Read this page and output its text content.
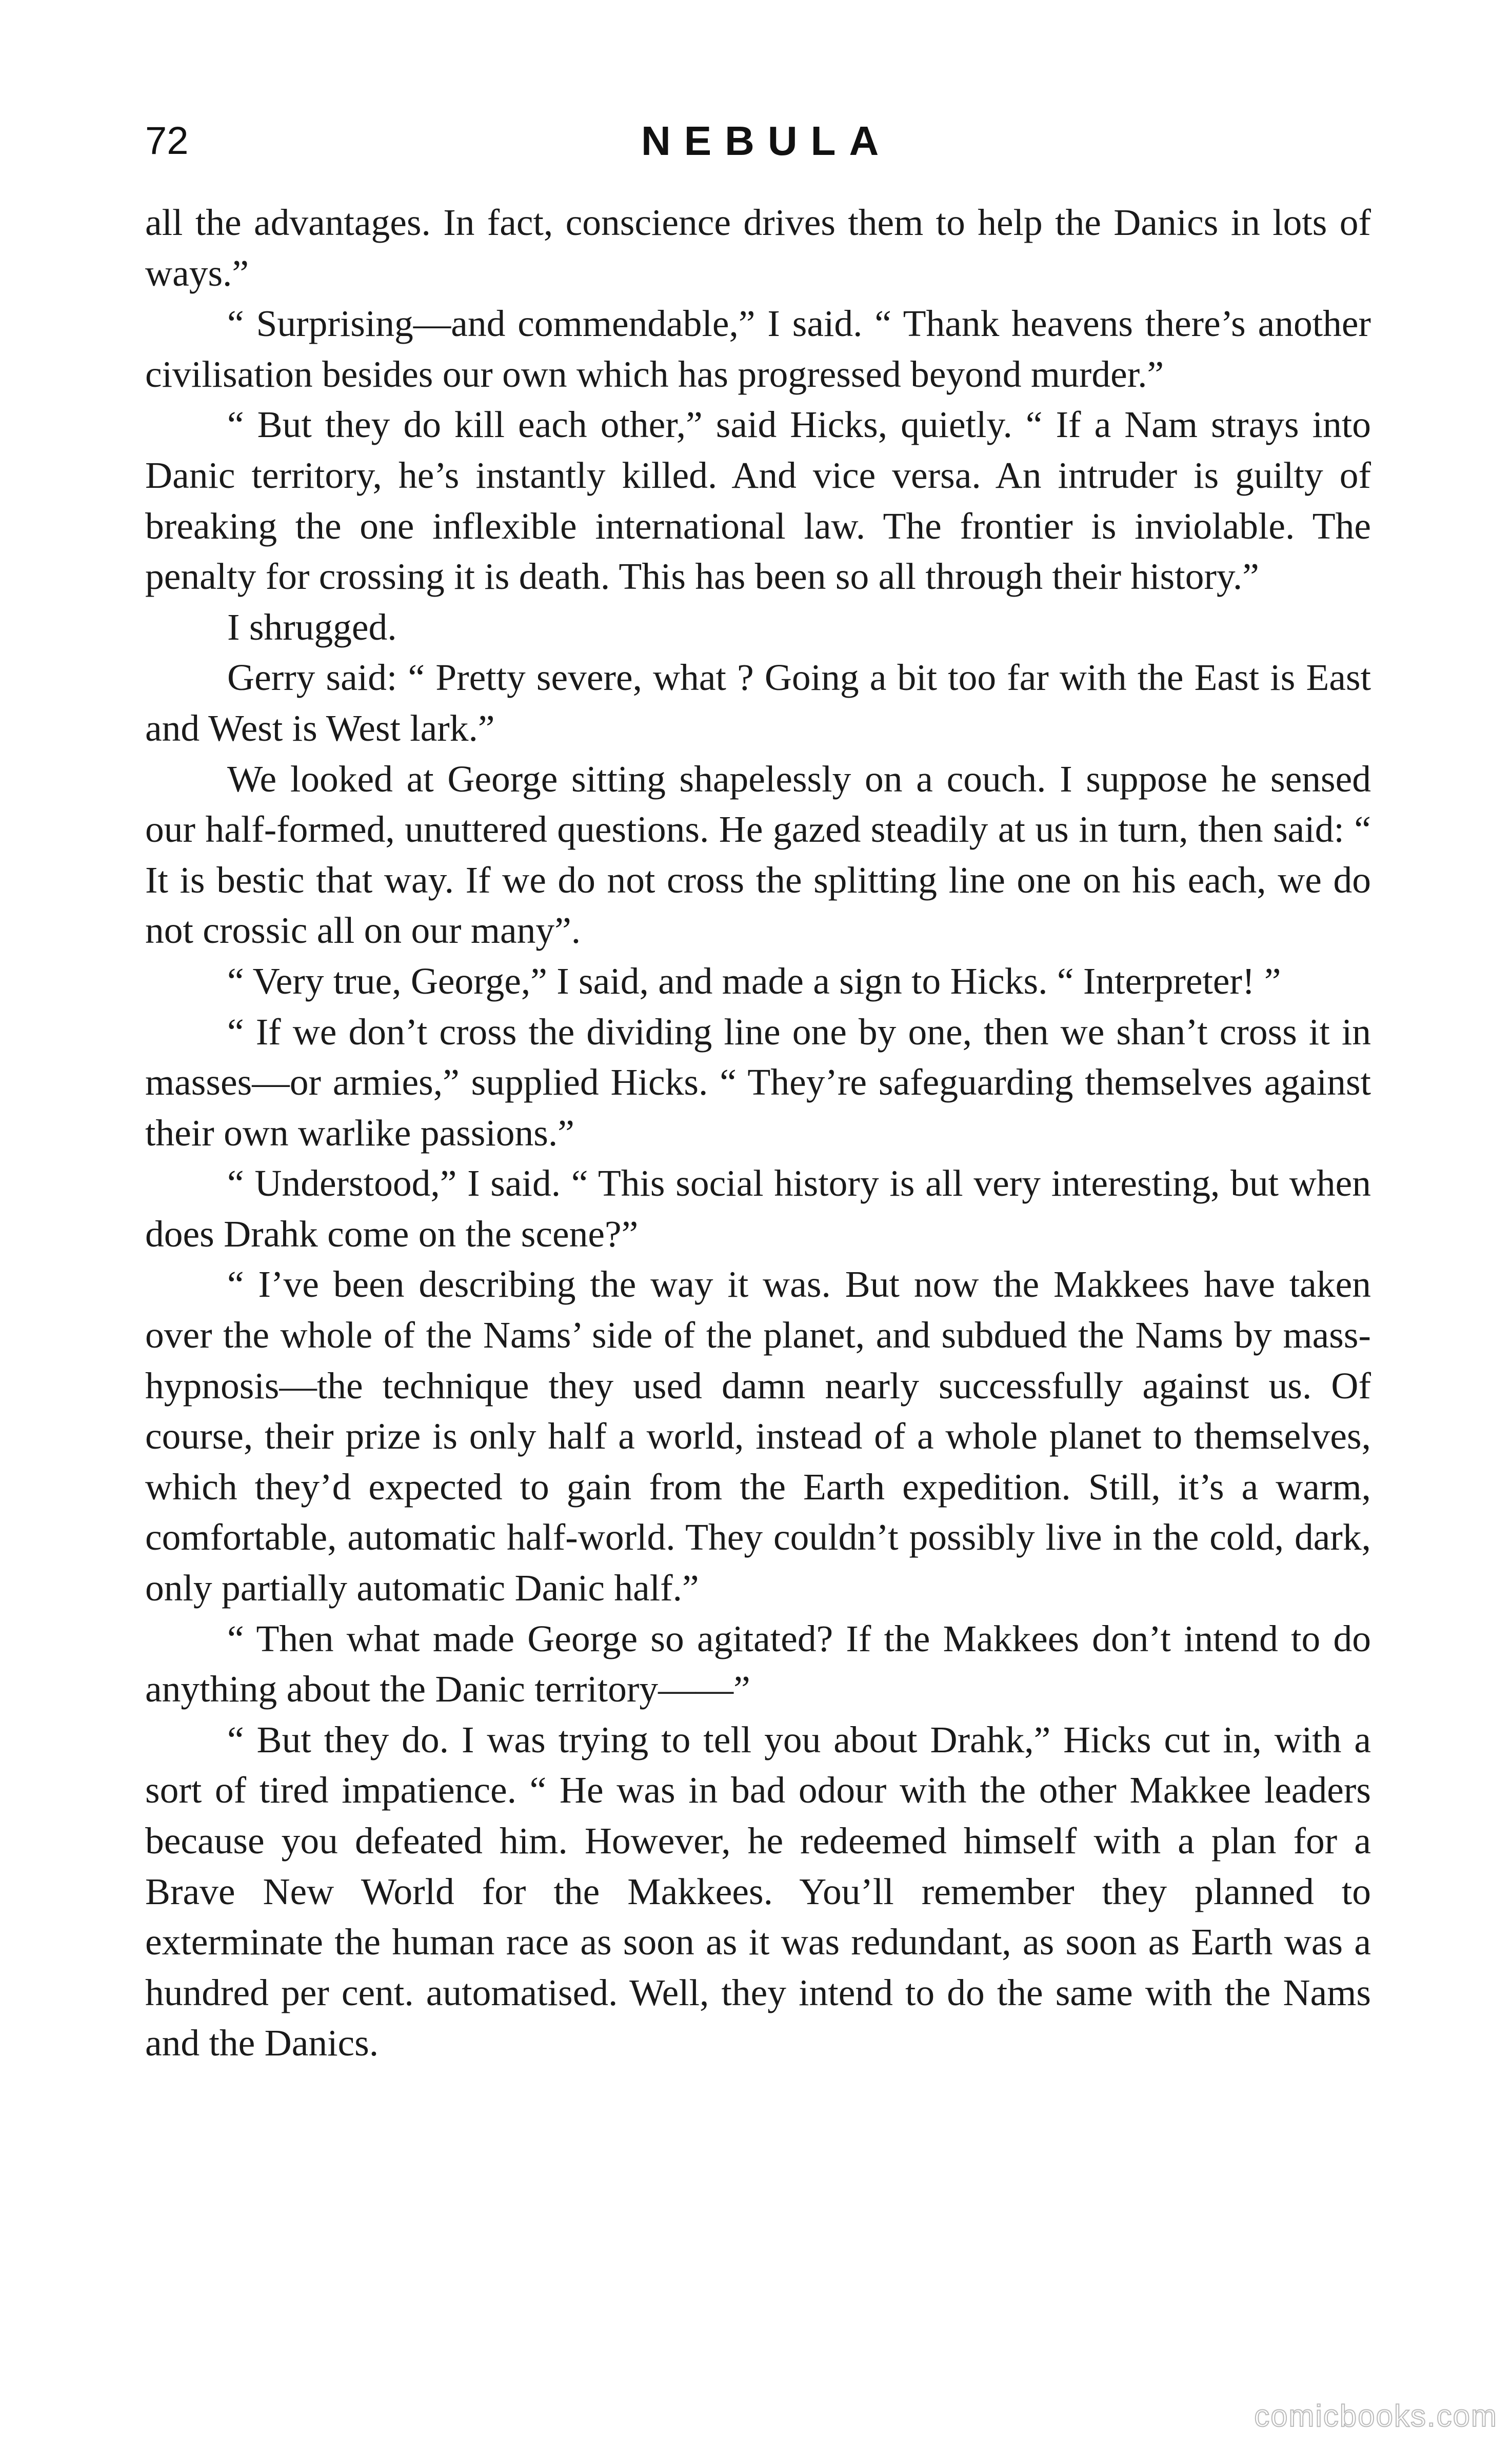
72	NEBULA

all the advantages. In fact, conscience drives them to help the Danics in lots of ways.”

“ Surprising—and commendable,” I said. “ Thank heavens there’s another civilisation besides our own which has progressed beyond murder.”

“ But they do kill each other,” said Hicks, quietly. “ If a Nam strays into Danic territory, he’s instantly killed. And vice versa. An intruder is guilty of breaking the one inflexible international law. The frontier is inviolable. The penalty for crossing it is death. This has been so all through their history.”

I shrugged.

Gerry said: “ Pretty severe, what ? Going a bit too far with the East is East and West is West lark.”

We looked at George sitting shapelessly on a couch. I suppose he sensed our half-formed, unuttered questions. He gazed steadily at us in turn, then said: “ It is bestic that way. If we do not cross the splitting line one on his each, we do not crossic all on our many”.

“ Very true, George,” I said, and made a sign to Hicks. “ Interpreter! ”

“ If we don’t cross the dividing line one by one, then we shan’t cross it in masses—or armies,” supplied Hicks. “ They’re safeguarding themselves against their own warlike passions.”

“ Understood,” I said. “ This social history is all very interesting, but when does Drahk come on the scene?”

“ I’ve been describing the way it was. But now the Makkees have taken over the whole of the Nams’ side of the planet, and subdued the Nams by mass-hypnosis—the technique they used damn nearly successfully against us. Of course, their prize is only half a world, instead of a whole planet to themselves, which they’d expected to gain from the Earth expedition. Still, it’s a warm, comfortable, automatic half-world. They couldn’t possibly live in the cold, dark, only partially automatic Danic half.”

“ Then what made George so agitated? If the Makkees don’t intend to do anything about the Danic territory——”

“ But they do. I was trying to tell you about Drahk,” Hicks cut in, with a sort of tired impatience. “ He was in bad odour with the other Makkee leaders because you defeated him. However, he redeemed himself with a plan for a Brave New World for the Makkees. You’ll remember they planned to exterminate the human race as soon as it was redundant, as soon as Earth was a hundred per cent. automatised. Well, they intend to do the same with the Nams and the Danics.

comicbooks.com
